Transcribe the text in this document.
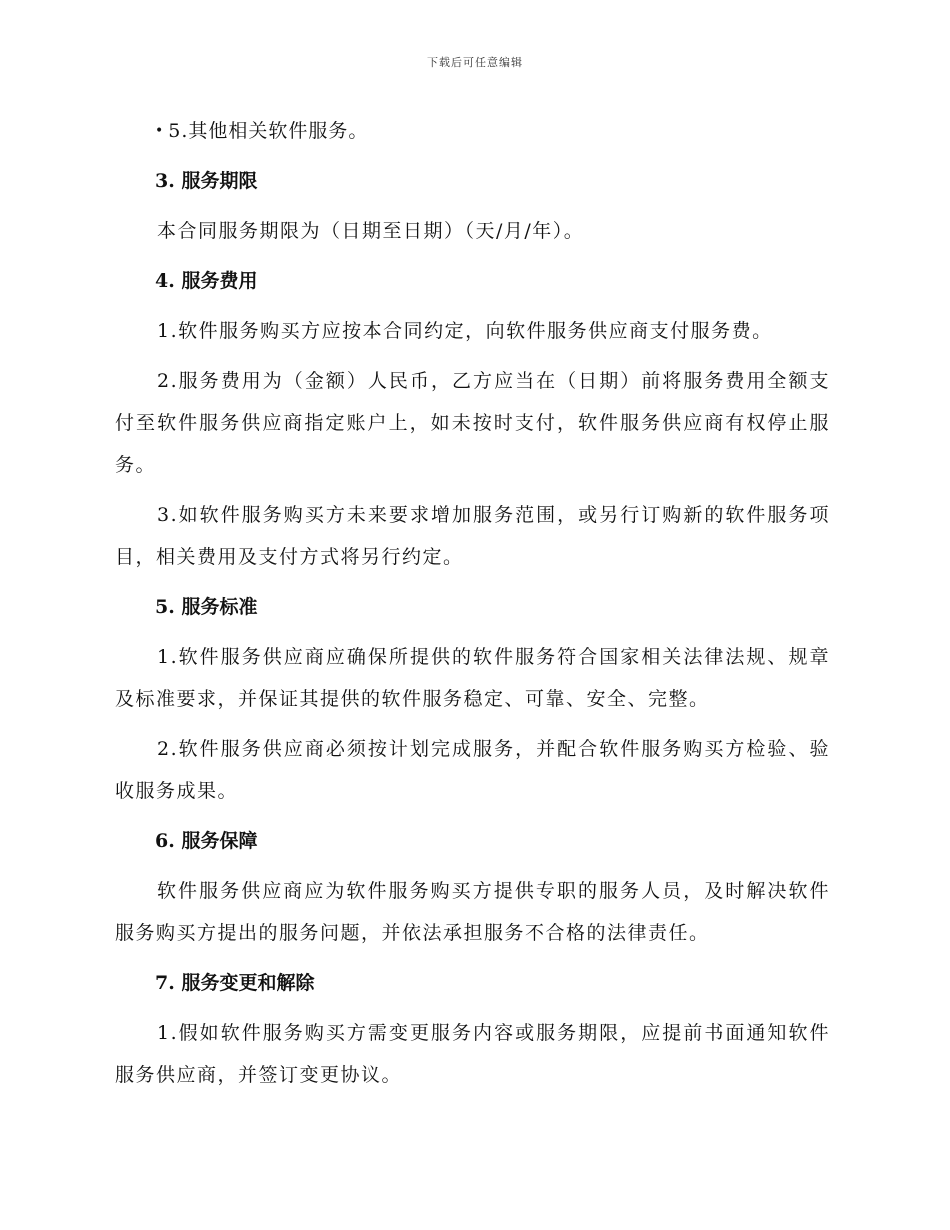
下载后可任意编辑
• 5.其他相关软件服务。
3. 服务期限

本合同服务期限为（日期至日期）（天/月/年）。

4. 服务费用

1.软件服务购买方应按本合同约定，向软件服务供应商支付服务费。

2.服务费用为（金额）人民币，乙方应当在（日期）前将服务费用全额支付至软件服务供应商指定账户上，如未按时支付，软件服务供应商有权停止服务。

3.如软件服务购买方未来要求增加服务范围，或另行订购新的软件服务项目，相关费用及支付方式将另行约定。

5. 服务标准

1.软件服务供应商应确保所提供的软件服务符合国家相关法律法规、规章及标准要求，并保证其提供的软件服务稳定、可靠、安全、完整。

2.软件服务供应商必须按计划完成服务，并配合软件服务购买方检验、验收服务成果。

6. 服务保障

软件服务供应商应为软件服务购买方提供专职的服务人员，及时解决软件服务购买方提出的服务问题，并依法承担服务不合格的法律责任。

7. 服务变更和解除

1.假如软件服务购买方需变更服务内容或服务期限，应提前书面通知软件服务供应商，并签订变更协议。
